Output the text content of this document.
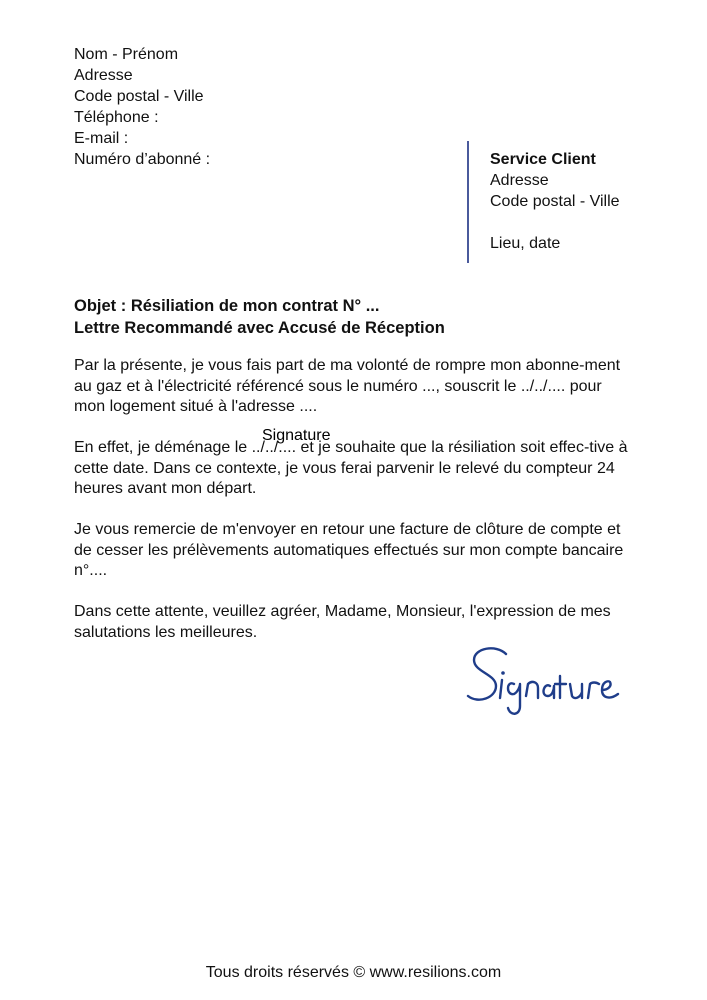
Nom - Prénom
Adresse
Code postal - Ville
Téléphone :
E-mail :
Numéro d’abonné :	Service Client
Adresse
Code postal - Ville
Lieu, date
Objet : Résiliation de mon contrat N° ...
Lettre Recommandé avec Accusé de Réception

Par la présente, je vous fais part de ma volonté de rompre mon abonne-ment au gaz et à l'électricité référencé sous le numéro ..., souscrit le ../../.... pour mon logement situé à l'adresse ....

En effet, je déménage le ../../.... et je souhaite que la résiliation soit effec-tive à cette date. Dans ce contexte, je vous ferai parvenir le relevé du compteur 24 heures avant mon départ.

Je vous remercie de m'envoyer en retour une facture de clôture de compte et de cesser les prélèvements automatiques effectués sur mon compte bancaire n°....

Dans cette attente, veuillez agréer, Madame, Monsieur, l'expression de mes salutations les meilleures.

Signature
Tous droits réservés © www.resilions.com
